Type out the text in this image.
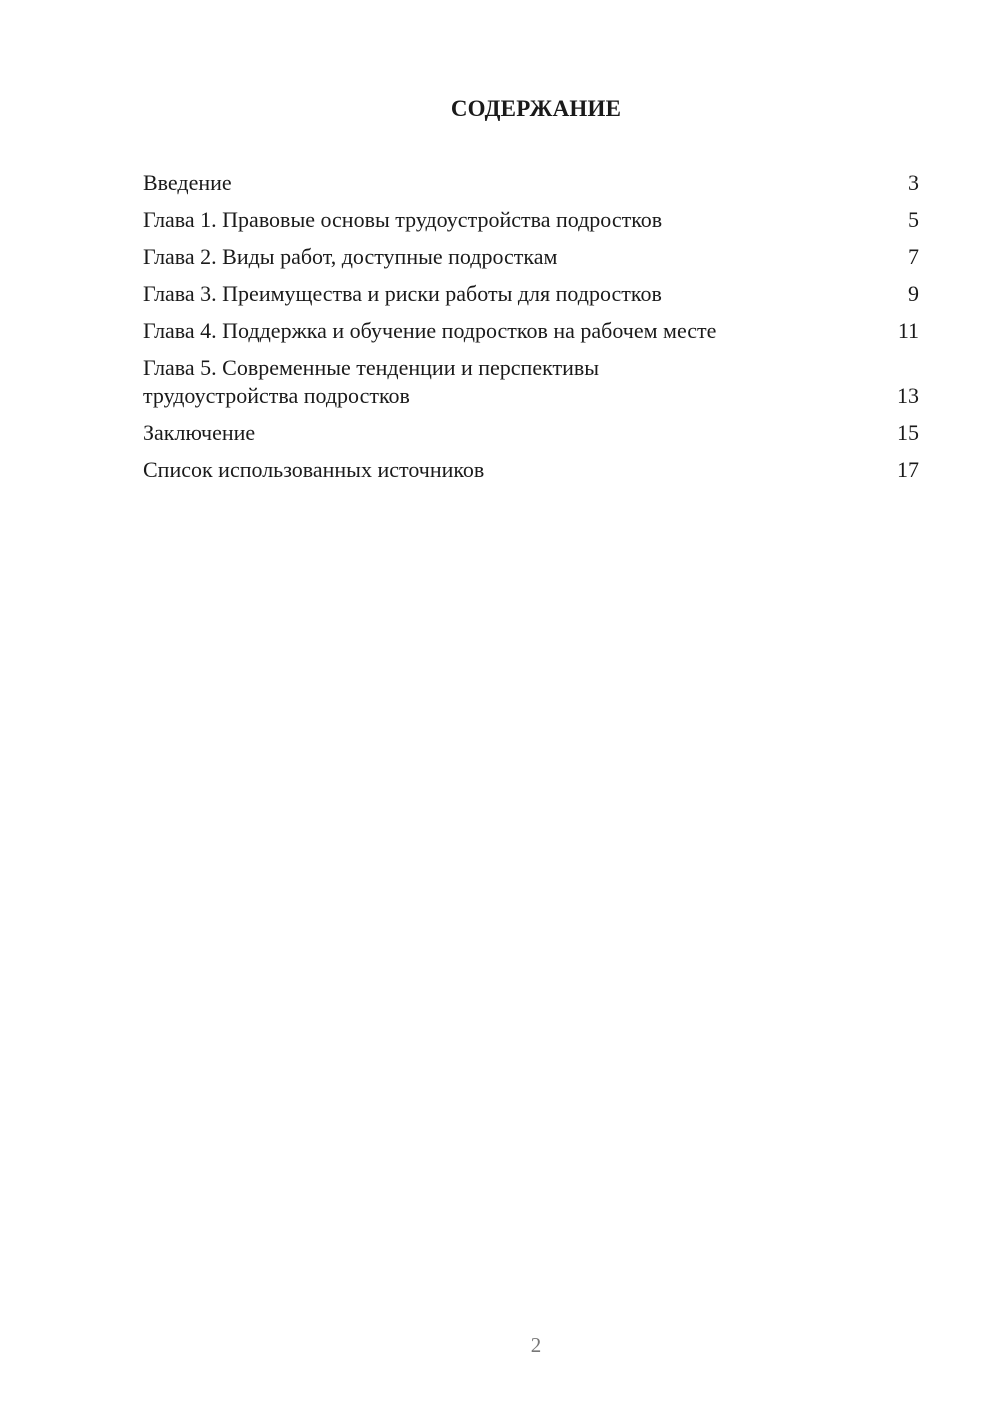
СОДЕРЖАНИЕ
Введение	3
Глава 1. Правовые основы трудоустройства подростков	5
Глава 2. Виды работ, доступные подросткам	7
Глава 3. Преимущества и риски работы для подростков	9
Глава 4. Поддержка и обучение подростков на рабочем месте	11
Глава 5. Современные тенденции и перспективы трудоустройства подростков	13
Заключение	15
Список использованных источников	17
2
